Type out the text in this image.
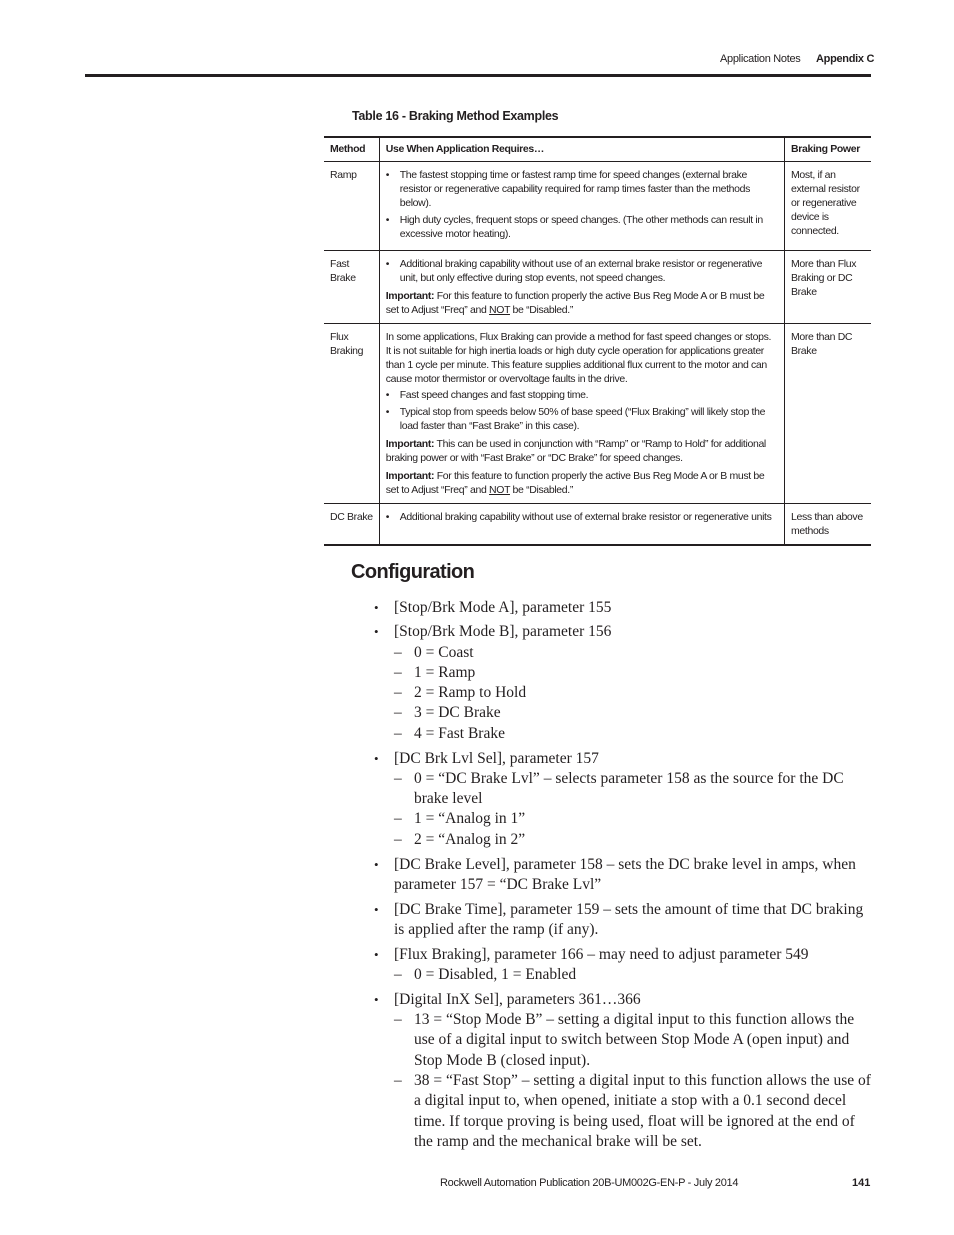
Application Notes Appendix C
Table 16 - Braking Method Examples
Method	Use When Application Requires…	Braking Power
Ramp	• The fastest stopping time or fastest ramp time for speed changes (external brake resistor or regenerative capability required for ramp times faster than the methods below).
• High duty cycles, frequent stops or speed changes. (The other methods can result in excessive motor heating).	Most, if an external resistor or regenerative device is connected.
Fast Brake	• Additional braking capability without use of an external brake resistor or regenerative unit, but only effective during stop events, not speed changes.
Important: For this feature to function properly the active Bus Reg Mode A or B must be set to Adjust “Freq” and NOT be “Disabled.”	More than Flux Braking or DC Brake
Flux Braking	In some applications, Flux Braking can provide a method for fast speed changes or stops. It is not suitable for high inertia loads or high duty cycle operation for applications greater than 1 cycle per minute. This feature supplies additional flux current to the motor and can cause motor thermistor or overvoltage faults in the drive.
• Fast speed changes and fast stopping time.
• Typical stop from speeds below 50% of base speed (“Flux Braking” will likely stop the load faster than “Fast Brake” in this case).
Important: This can be used in conjunction with “Ramp” or “Ramp to Hold” for additional braking power or with “Fast Brake” or “DC Brake” for speed changes.
Important: For this feature to function properly the active Bus Reg Mode A or B must be set to Adjust “Freq” and NOT be “Disabled.”	More than DC Brake
DC Brake	• Additional braking capability without use of external brake resistor or regenerative units	Less than above methods
Configuration
• [Stop/Brk Mode A], parameter 155
• [Stop/Brk Mode B], parameter 156
– 0 = Coast
– 1 = Ramp
– 2 = Ramp to Hold
– 3 = DC Brake
– 4 = Fast Brake
• [DC Brk Lvl Sel], parameter 157
– 0 = “DC Brake Lvl” – selects parameter 158 as the source for the DC brake level
– 1 = “Analog in 1”
– 2 = “Analog in 2”
• [DC Brake Level], parameter 158 – sets the DC brake level in amps, when parameter 157 = “DC Brake Lvl”
• [DC Brake Time], parameter 159 – sets the amount of time that DC braking is applied after the ramp (if any).
• [Flux Braking], parameter 166 – may need to adjust parameter 549
– 0 = Disabled, 1 = Enabled
• [Digital InX Sel], parameters 361…366
– 13 = “Stop Mode B” – setting a digital input to this function allows the use of a digital input to switch between Stop Mode A (open input) and Stop Mode B (closed input).
– 38 = “Fast Stop” – setting a digital input to this function allows the use of a digital input to, when opened, initiate a stop with a 0.1 second decel time. If torque proving is being used, float will be ignored at the end of the ramp and the mechanical brake will be set.
Rockwell Automation Publication 20B-UM002G-EN-P - July 2014	141
